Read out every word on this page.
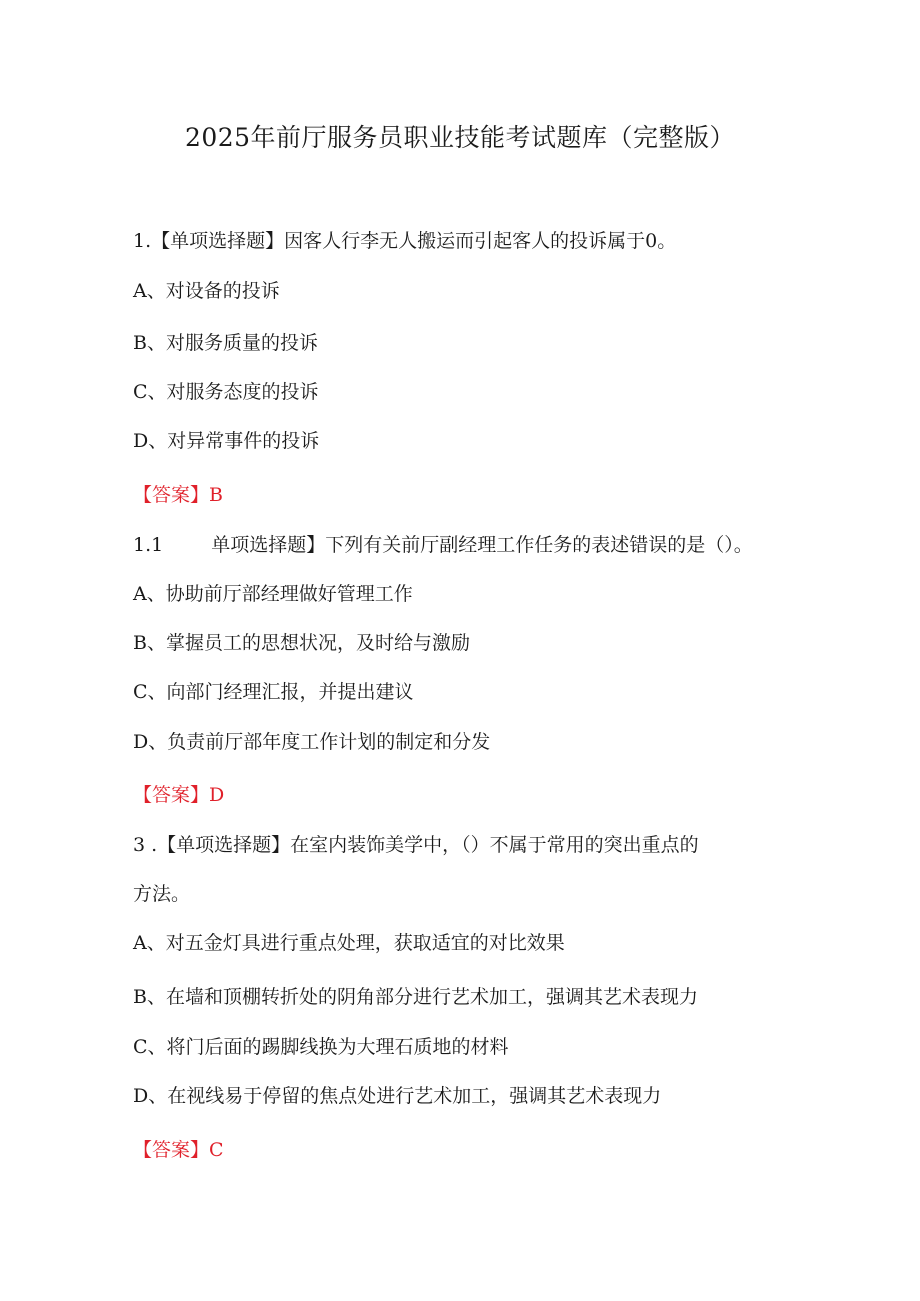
2025年前厅服务员职业技能考试题库（完整版）
1.【单项选择题】因客人行李无人搬运而引起客人的投诉属于0。
A、对设备的投诉
B、对服务质量的投诉
C、对服务态度的投诉
D、对异常事件的投诉
【答案】B
1.1	单项选择题】下列有关前厅副经理工作任务的表述错误的是（）。
A、协助前厅部经理做好管理工作
B、掌握员工的思想状况，及时给与激励
C、向部门经理汇报，并提出建议
D、负责前厅部年度工作计划的制定和分发
【答案】D
3 .【单项选择题】在室内装饰美学中，（）不属于常用的突出重点的
方法。
A、对五金灯具进行重点处理，获取适宜的对比效果
B、在墙和顶棚转折处的阴角部分进行艺术加工，强调其艺术表现力
C、将门后面的踢脚线换为大理石质地的材料
D、在视线易于停留的焦点处进行艺术加工，强调其艺术表现力
【答案】C
